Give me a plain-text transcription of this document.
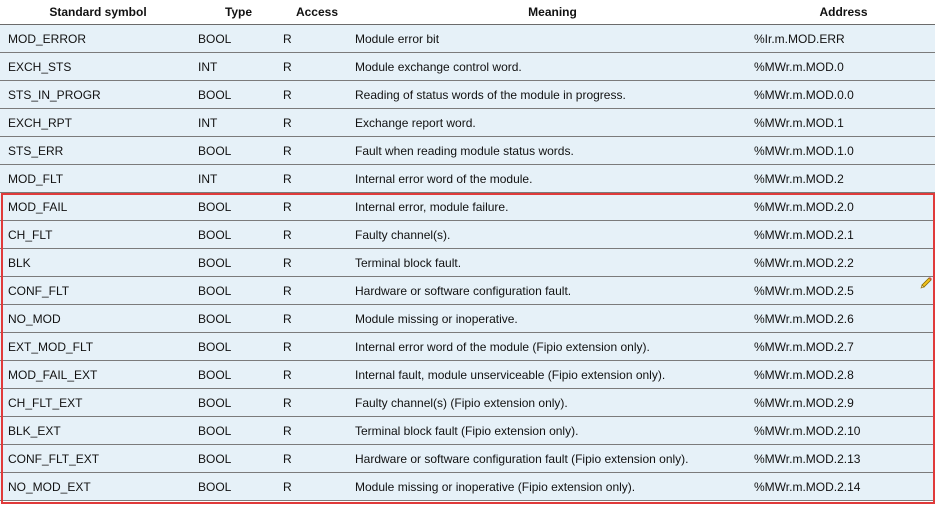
Standard symbol	Type	Access	Meaning	Address
MOD_ERROR	BOOL	R	Module error bit	%Ir.m.MOD.ERR
EXCH_STS	INT	R	Module exchange control word.	%MWr.m.MOD.0
STS_IN_PROGR	BOOL	R	Reading of status words of the module in progress.	%MWr.m.MOD.0.0
EXCH_RPT	INT	R	Exchange report word.	%MWr.m.MOD.1
STS_ERR	BOOL	R	Fault when reading module status words.	%MWr.m.MOD.1.0
MOD_FLT	INT	R	Internal error word of the module.	%MWr.m.MOD.2
MOD_FAIL	BOOL	R	Internal error, module failure.	%MWr.m.MOD.2.0
CH_FLT	BOOL	R	Faulty channel(s).	%MWr.m.MOD.2.1
BLK	BOOL	R	Terminal block fault.	%MWr.m.MOD.2.2
CONF_FLT	BOOL	R	Hardware or software configuration fault.	%MWr.m.MOD.2.5
NO_MOD	BOOL	R	Module missing or inoperative.	%MWr.m.MOD.2.6
EXT_MOD_FLT	BOOL	R	Internal error word of the module (Fipio extension only).	%MWr.m.MOD.2.7
MOD_FAIL_EXT	BOOL	R	Internal fault, module unserviceable (Fipio extension only).	%MWr.m.MOD.2.8
CH_FLT_EXT	BOOL	R	Faulty channel(s) (Fipio extension only).	%MWr.m.MOD.2.9
BLK_EXT	BOOL	R	Terminal block fault (Fipio extension only).	%MWr.m.MOD.2.10
CONF_FLT_EXT	BOOL	R	Hardware or software configuration fault (Fipio extension only).	%MWr.m.MOD.2.13
NO_MOD_EXT	BOOL	R	Module missing or inoperative (Fipio extension only).	%MWr.m.MOD.2.14
